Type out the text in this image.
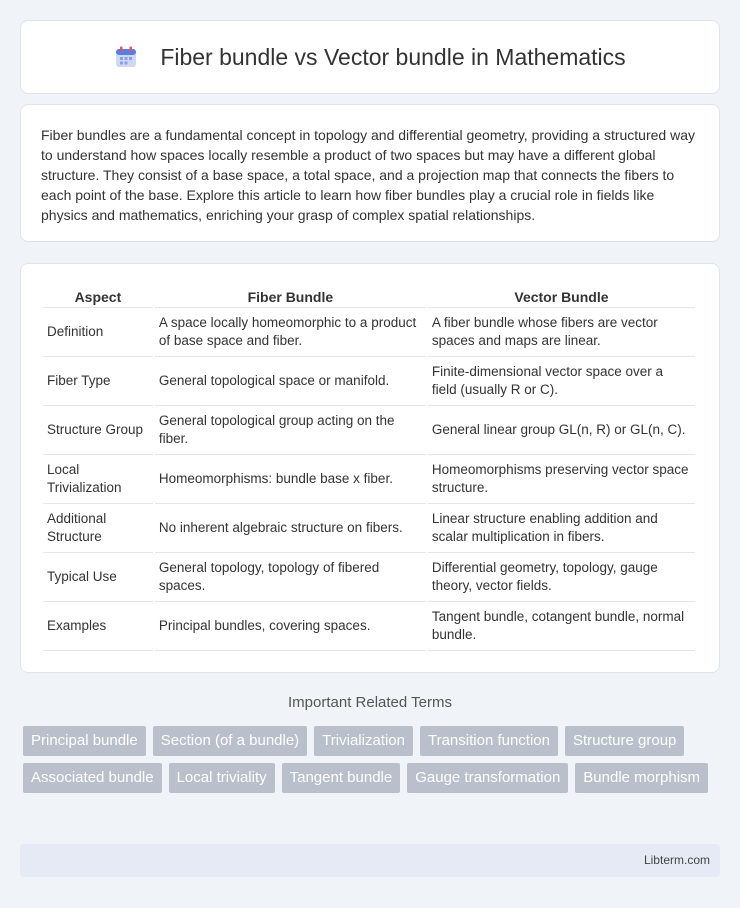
Fiber bundle vs Vector bundle in Mathematics

Fiber bundles are a fundamental concept in topology and differential geometry, providing a structured way to understand how spaces locally resemble a product of two spaces but may have a different global structure. They consist of a base space, a total space, and a projection map that connects the fibers to each point of the base. Explore this article to learn how fiber bundles play a crucial role in fields like physics and mathematics, enriching your grasp of complex spatial relationships.

Aspect	Fiber Bundle	Vector Bundle
Definition	A space locally homeomorphic to a product of base space and fiber.	A fiber bundle whose fibers are vector spaces and maps are linear.
Fiber Type	General topological space or manifold.	Finite-dimensional vector space over a field (usually R or C).
Structure Group	General topological group acting on the fiber.	General linear group GL(n, R) or GL(n, C).
Local Trivialization	Homeomorphisms: bundle base x fiber.	Homeomorphisms preserving vector space structure.
Additional Structure	No inherent algebraic structure on fibers.	Linear structure enabling addition and scalar multiplication in fibers.
Typical Use	General topology, topology of fibered spaces.	Differential geometry, topology, gauge theory, vector fields.
Examples	Principal bundles, covering spaces.	Tangent bundle, cotangent bundle, normal bundle.
Important Related Terms
Principal bundle	Section (of a bundle)	Trivialization	Transition function	Structure group
Associated bundle	Local triviality	Tangent bundle	Gauge transformation	Bundle morphism
Libterm.com
